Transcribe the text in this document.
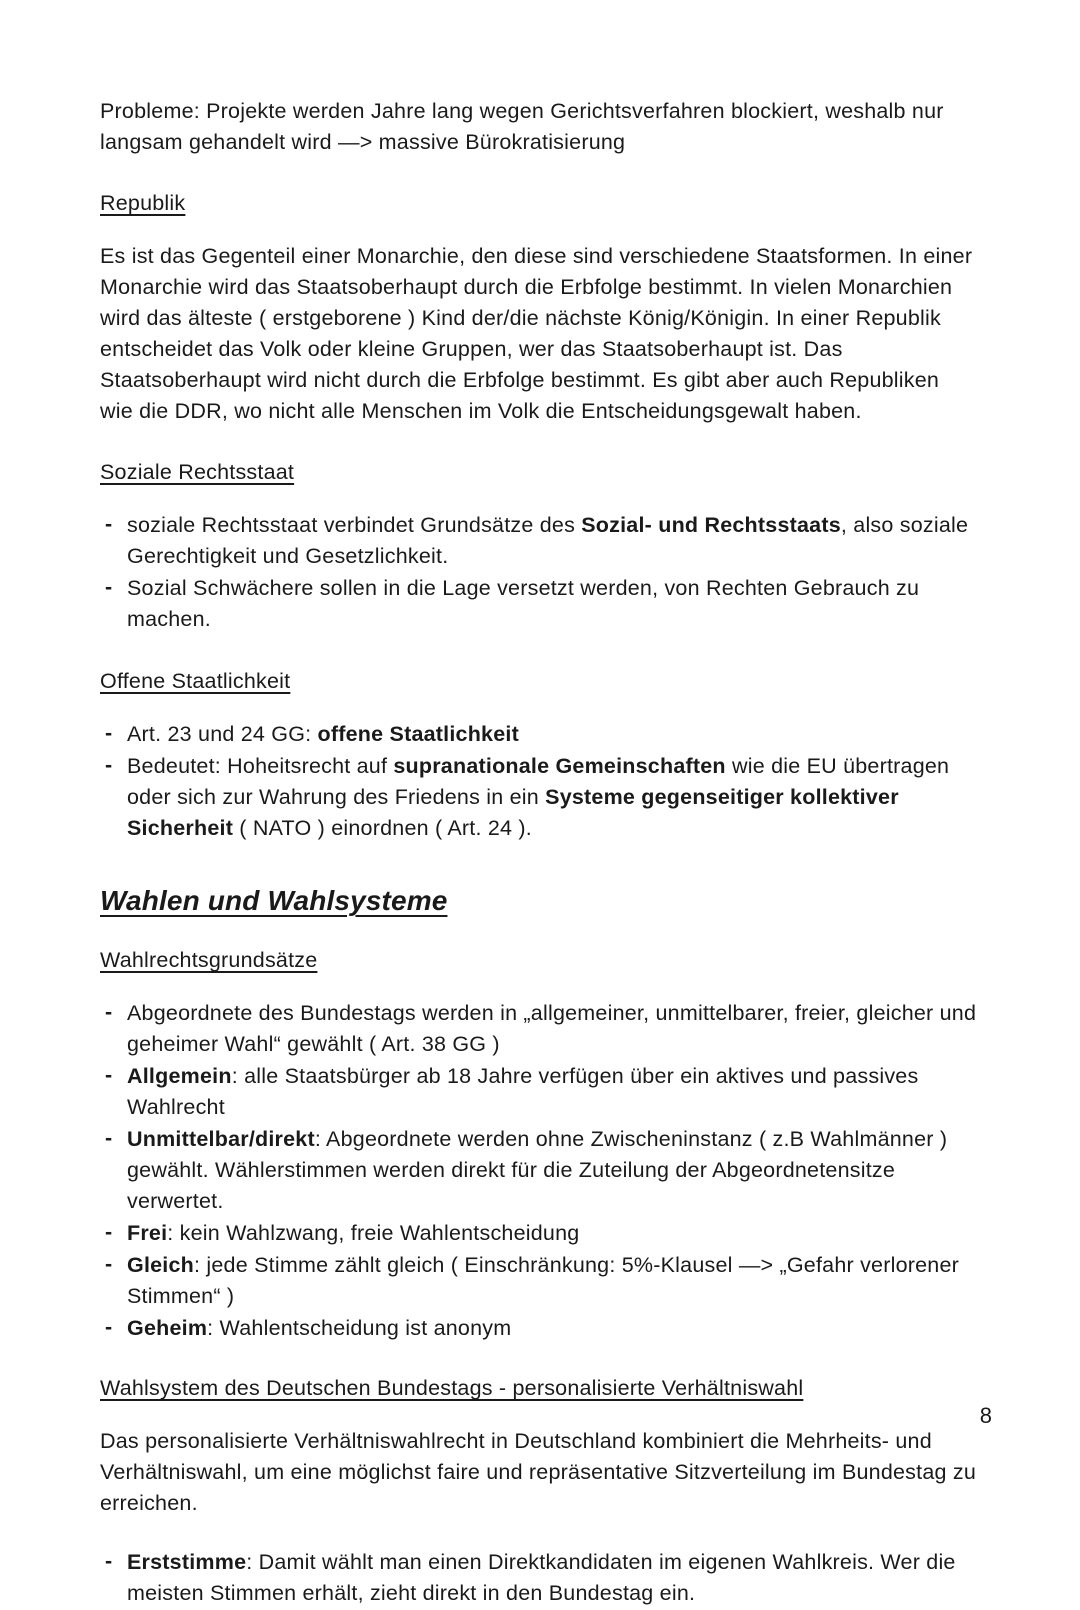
Probleme: Projekte werden Jahre lang wegen Gerichtsverfahren blockiert, weshalb nur langsam gehandelt wird —> massive Bürokratisierung

Republik

Es ist das Gegenteil einer Monarchie, den diese sind verschiedene Staatsformen. In einer Monarchie wird das Staatsoberhaupt durch die Erbfolge bestimmt. In vielen Monarchien wird das älteste ( erstgeborene ) Kind der/die nächste König/Königin. In einer Republik entscheidet das Volk oder kleine Gruppen, wer das Staatsoberhaupt ist. Das Staatsoberhaupt wird nicht durch die Erbfolge bestimmt. Es gibt aber auch Republiken wie die DDR, wo nicht alle Menschen im Volk die Entscheidungsgewalt haben.

Soziale Rechtsstaat
- soziale Rechtsstaat verbindet Grundsätze des Sozial- und Rechtsstaats, also soziale Gerechtigkeit und Gesetzlichkeit.
- Sozial Schwächere sollen in die Lage versetzt werden, von Rechten Gebrauch zu machen.
Offene Staatlichkeit
- Art. 23 und 24 GG: offene Staatlichkeit
- Bedeutet: Hoheitsrecht auf supranationale Gemeinschaften wie die EU übertragen oder sich zur Wahrung des Friedens in ein Systeme gegenseitiger kollektiver Sicherheit ( NATO ) einordnen ( Art. 24 ).
Wahlen und Wahlsysteme
Wahlrechtsgrundsätze
- Abgeordnete des Bundestags werden in „allgemeiner, unmittelbarer, freier, gleicher und geheimer Wahl“ gewählt ( Art. 38 GG )
- Allgemein: alle Staatsbürger ab 18 Jahre verfügen über ein aktives und passives Wahlrecht
- Unmittelbar/direkt: Abgeordnete werden ohne Zwischeninstanz ( z.B Wahlmänner ) gewählt. Wählerstimmen werden direkt für die Zuteilung der Abgeordnetensitze verwertet.
- Frei: kein Wahlzwang, freie Wahlentscheidung
- Gleich: jede Stimme zählt gleich ( Einschränkung: 5%-Klausel —> „Gefahr verlorener Stimmen“ )
- Geheim: Wahlentscheidung ist anonym
Wahlsystem des Deutschen Bundestags - personalisierte Verhältniswahl

Das personalisierte Verhältniswahlrecht in Deutschland kombiniert die Mehrheits- und Verhältniswahl, um eine möglichst faire und repräsentative Sitzverteilung im Bundestag zu erreichen.

- Erststimme: Damit wählt man einen Direktkandidaten im eigenen Wahlkreis. Wer die meisten Stimmen erhält, zieht direkt in den Bundestag ein.
8
